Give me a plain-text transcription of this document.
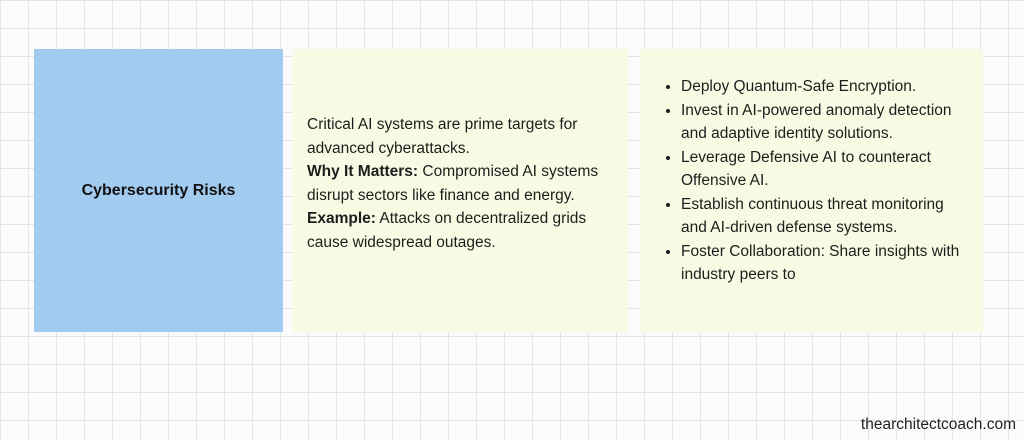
Cybersecurity Risks

Critical AI systems are prime targets for advanced cyberattacks.

Why It Matters: Compromised AI systems disrupt sectors like finance and energy.

Example: Attacks on decentralized grids cause widespread outages.

• Deploy Quantum-Safe Encryption.
• Invest in AI-powered anomaly detection and adaptive identity solutions.
• Leverage Defensive AI to counteract Offensive AI.
• Establish continuous threat monitoring and AI-driven defense systems.
• Foster Collaboration: Share insights with industry peers to
thearchitectcoach.com
